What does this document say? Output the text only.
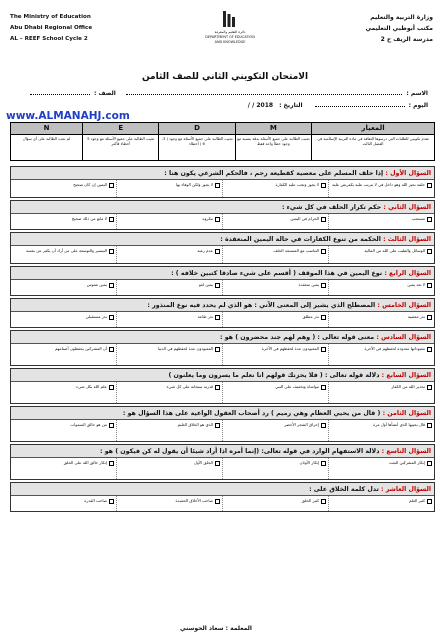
The Ministry of Education
Abu Dhabi Regional Office
AL – REEF School Cycle 2
دائرة التعليم والمعرفة
DEPARTMENT OF EDUCATION
AND KNOWLEDGE
وزارة التربية والتعليم
مكتب أبوظبي التعليمي
مدرسة الريف ح 2
الامتحان التكويني الثاني للصف الثامن
الاسم :
الصف :
اليوم :
التاريخ :
/ / 2018
www.ALMANAHJ.com
المعيار	M	D	E	N
تقدم تكويني للطلبات التي درسوها الثقافة في مادة التربية الإسلامية في الفصل الثالث	تجيب الطالبة على جميع الأسئلة بدقة بنسبة مع وجود خطأ واحد فقط	تجيب الطالبة على جميع الأسئلة مع وجود ( 3-6 ) أخطاء	تجيب الطالبة على جميع الأسئلة مع وجود 5 أخطاء فأكثر	لم تجب الطالبة على أي سؤال
السؤال الأول : إذا حلف المسلم على معصية كقطيعة رحم ، فالحكم الشرعي يكون هنا :
حلفه نجيز الله وهو داخل في لا يترتب عليه بكفرنص عليه
لا يجوز وتجب عليه الكفارة
لا يجوز ولكن الوفاء بها
اليمين إن كان صحيح
السؤال الثاني : حكم تكرار الحلف في كل شيء :
مستحب
الحرام في اليمين
مكروه
لا مانع من ذلك صحيح
السؤال الثالث : الحكمة من تنوع الكفارات في حالة اليمين المنعقدة :
الوسائل والطيب على الله من المالية
التناسب مع المستجد الحلف
عدم رغبة
التيسير والتوسعة على من أراد أن يكفر عن نفسه
السؤال الرابع : نوع اليمين في هذا الموقف ( أقسم على شيء صادقا كتبين خلافه ) :
لا تعد يمين
يمين منعقدة
يمين لغو
يمين غموس
السؤال الخامس : المصطلح الذي يشير إلى المعنى الآتي : هو الذي لم يحدد فيه نوع المنذور :
نذر معصية
نذر مطلق
نذر طاعة
نذر مستقبلي
السؤال السادس : معنى قوله تعالى : ( وهم لهم جند محضرون ) هو :
معبوداتها معدودة لحفظهم في الآخرة
المعبودون عدة لحفظهم في الآخرة
المعبودون عدة لحفظهم في الدنيا
أن المشركين يحفظون أصنامهم
السؤال السابع : دلالة قوله تعالى : ( فلا يحزنك قولهم انا نعلم ما يسرون وما يعلنون )
تحذير الله من الكفار
مواساة وتخفيف على النبي
قدرته سبحانه على كل شيء
علم الله بكل شيء
السؤال الثامن : ( قال من يحيي العظام وهي رميم ) رد أصحاب العقول الواعية على هذا السؤال هو :
قال يحييها الذي أنشأها أول مرة
إحراق الشجر الأخضر
الذي هو الخلاق العليم
من هو خالق السموات
السؤال التاسع : دلالة الاستفهام الوارد في قوله تعالى: (إنما أمره اذا أراد شيئا أن يقول له كن فيكون ) هو :
إنكار المشركين البعث
إنكار الأوثان
الخلق الأول
إنكار خالق الله على الخلق
السؤال العاشر : تدل كلمة الخلاق على :
كثير العلم
كثير الخلق
صاحب الأخلاق الحميدة
صاحب القدرة
المعلمة : سعاد الحوسني
